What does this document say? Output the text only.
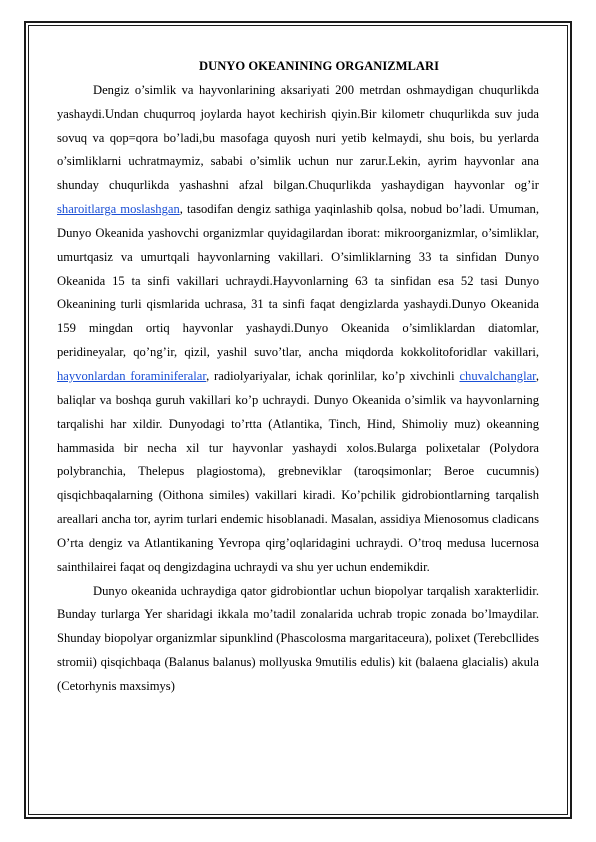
DUNYO OKEANINING ORGANIZMLARI

Dengiz o’simlik va hayvonlarining aksariyati 200 metrdan oshmaydigan chuqurlikda yashaydi.Undan chuqurroq joylarda hayot kechirish qiyin.Bir kilometr chuqurlikda suv juda sovuq va qop=qora bo’ladi,bu masofaga quyosh nuri yetib kelmaydi, shu bois, bu yerlarda o’simliklarni uchratmaymiz, sababi o’simlik uchun nur zarur.Lekin, ayrim hayvonlar ana shunday chuqurlikda yashashni afzal bilgan.Chuqurlikda yashaydigan hayvonlar og’ir sharoitlarga moslashgan, tasodifan dengiz sathiga yaqinlashib qolsa, nobud bo’ladi. Umuman, Dunyo Okeanida yashovchi organizmlar quyidagilardan iborat: mikroorganizmlar, o’simliklar, umurtqasiz va umurtqali hayvonlarning vakillari. O’simliklarning 33 ta sinfidan Dunyo Okeanida 15 ta sinfi vakillari uchraydi.Hayvonlarning 63 ta sinfidan esa 52 tasi Dunyo Okeanining turli qismlarida uchrasa, 31 ta sinfi faqat dengizlarda yashaydi.Dunyo Okeanida 159 mingdan ortiq hayvonlar yashaydi.Dunyo Okeanida o’simliklardan diatomlar, peridineyalar, qo’ng’ir, qizil, yashil suvo’tlar, ancha miqdorda kokkolitoforidlar vakillari, hayvonlardan foraminiferalar, radiolyariyalar, ichak qorinlilar, ko’p xivchinli chuvalchanglar, baliqlar va boshqa guruh vakillari ko’p uchraydi. Dunyo Okeanida o’simlik va hayvonlarning tarqalishi har xildir. Dunyodagi to’rtta (Atlantika, Tinch, Hind, Shimoliy muz) okeanning hammasida bir necha xil tur hayvonlar yashaydi xolos.Bularga polixetalar (Polydora polybranchia, Thelepus plagiostoma), grebneviklar (taroqsimonlar; Beroe cucumnis) qisqichbaqalarning (Oithona similes) vakillari kiradi. Ko’pchilik gidrobiontlarning tarqalish areallari ancha tor, ayrim turlari endemic hisoblanadi. Masalan, assidiya Mienosomus cladicans O’rta dengiz va Atlantikaning Yevropa qirg’oqlaridagini uchraydi. O’troq medusa lucernosa sainthilairei faqat oq dengizdagina uchraydi va shu yer uchun endemikdir.

Dunyo okeanida uchraydiga qator gidrobiontlar uchun biopolyar tarqalish xarakterlidir. Bunday turlarga Yer sharidagi ikkala mo’tadil zonalarida uchrab tropic zonada bo’lmaydilar. Shunday biopolyar organizmlar sipunklind (Phascolosma margaritaceura), polixet (Terebcllides stromii) qisqichbaqa (Balanus balanus) mollyuska 9mutilis edulis) kit (balaena glacialis) akula (Cetorhynis maxsimys)
